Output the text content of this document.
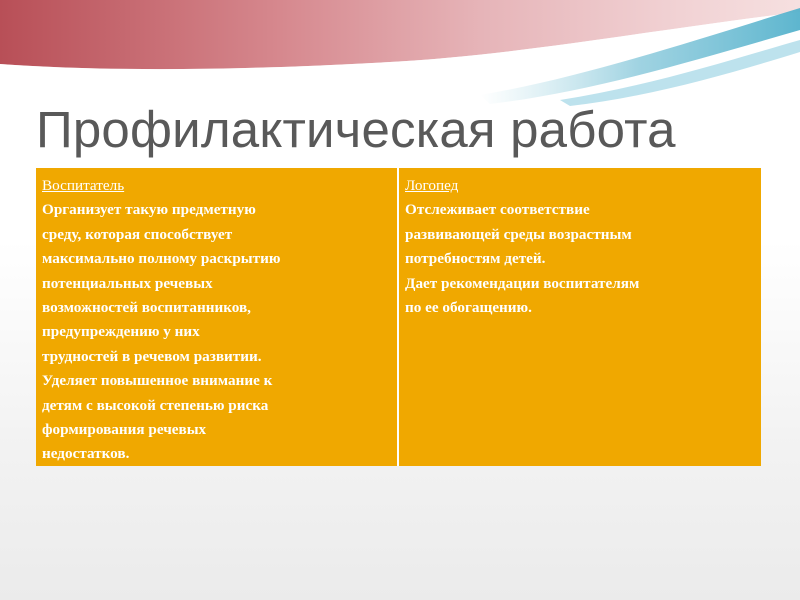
Профилактическая работа
Воспитатель
Организует такую предметную
среду, которая способствует
максимально полному раскрытию
потенциальных речевых
возможностей воспитанников,
предупреждению у них
трудностей в речевом развитии.
Уделяет повышенное внимание к
детям с высокой степенью риска
формирования речевых
недостатков.
Логопед
Отслеживает соответствие
развивающей среды возрастным
потребностям детей.
Дает рекомендации воспитателям
по ее обогащению.
